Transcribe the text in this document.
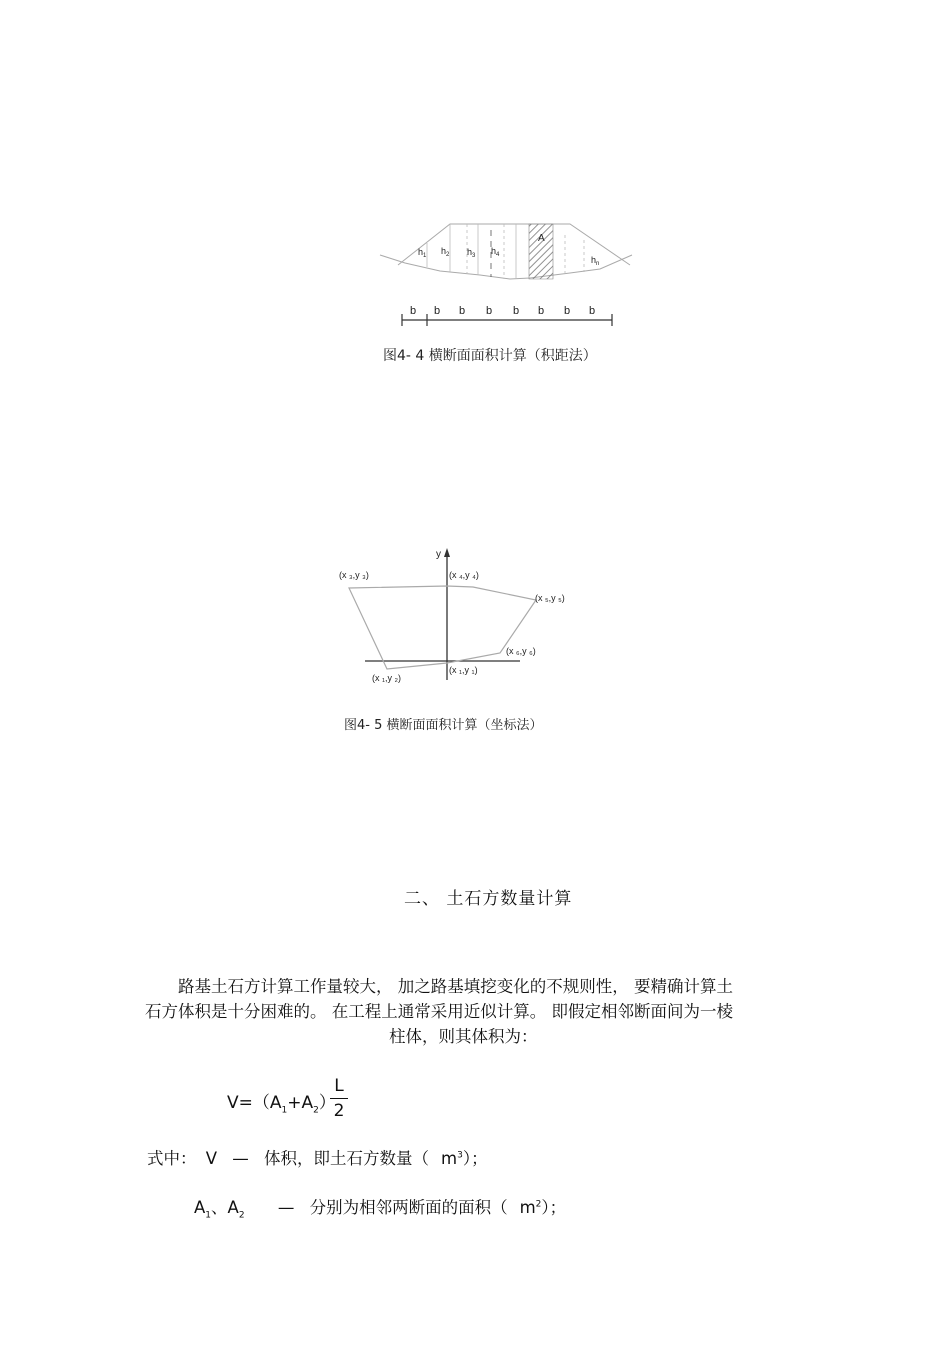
$h_1$ $h_2$ $h_3$ $h_4$	$h_n$
A
b b b b b b b b
图4- 4 横断面面积计算（积距法）
y
(x ₃,y ₃)	(x ₄,y ₄)
(x ₅,y ₅)
(x ₆,y ₆)
(x ₁,y ₁)
(x ₁,y ₂)
图4- 5 横断面面积计算（坐标法）
二、 土石方数量计算
路基土石方计算工作量较大， 加之路基填挖变化的不规则性， 要精确计算土
石方体积是十分困难的。 在工程上通常采用近似计算。 即假定相邻断面间为一棱
柱体，则其体积为：
$V=(A_1+A_2)$
L
2
式中： V — 体积，即土石方数量（ $m^3$）；
$A_1$、$A_2$ — 分别为相邻两断面的面积（ $m^2$）；
